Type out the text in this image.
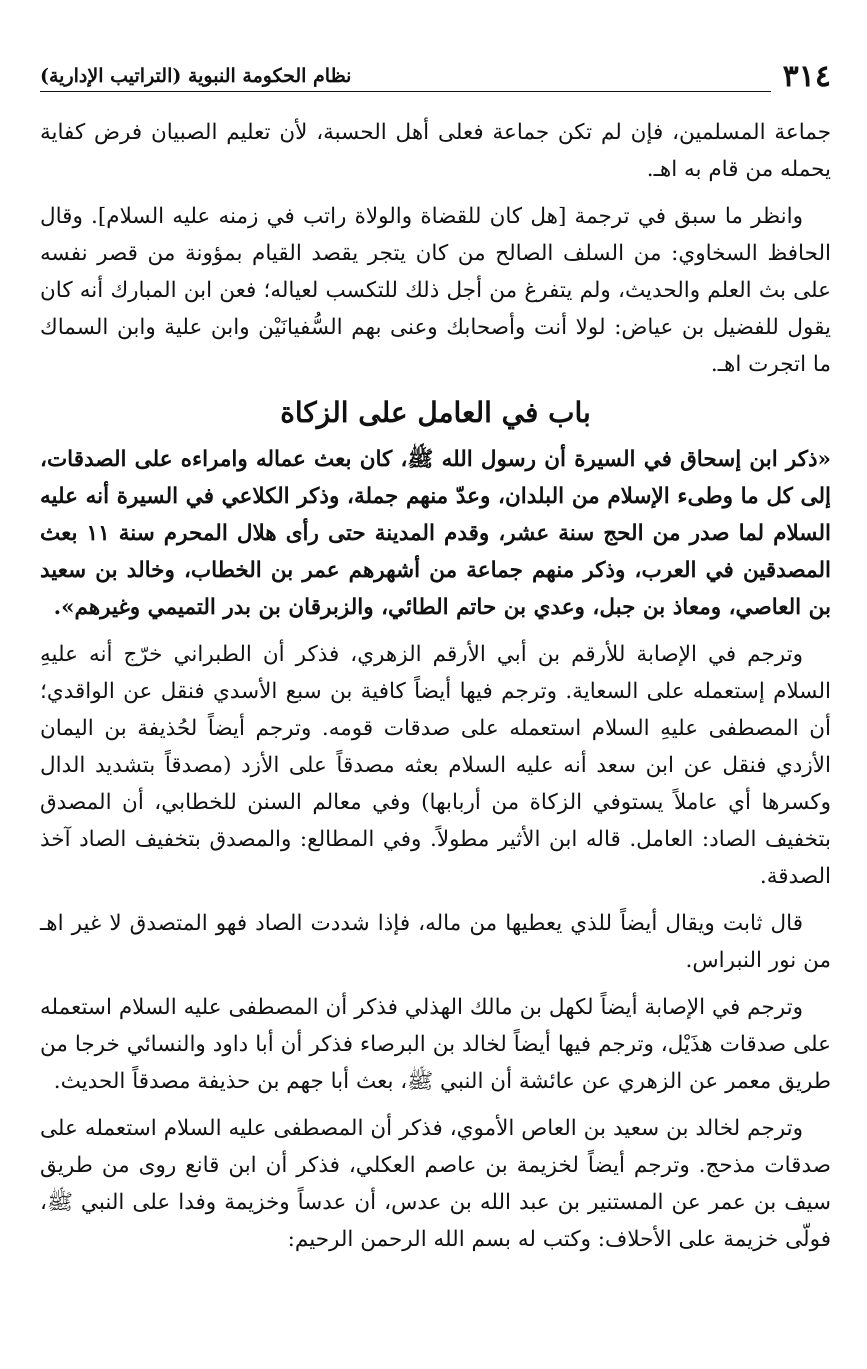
٣١٤
نظام الحكومة النبوية (التراتيب الإدارية)

جماعة المسلمين، فإن لم تكن جماعة فعلى أهل الحسبة، لأن تعليم الصبيان فرض كفاية يحمله من قام به اهـ.

وانظر ما سبق في ترجمة [هل كان للقضاة والولاة راتب في زمنه عليه السلام]. وقال الحافظ السخاوي: من السلف الصالح من كان يتجر يقصد القيام بمؤونة من قصر نفسه على بث العلم والحديث، ولم يتفرغ من أجل ذلك للتكسب لعياله؛ فعن ابن المبارك أنه كان يقول للفضيل بن عياض: لولا أنت وأصحابك وعنى بهم السُّفيانَيْن وابن علية وابن السماك ما اتجرت اهـ.

باب في العامل على الزكاة

«ذكر ابن إسحاق في السيرة أن رسول الله ﷺ، كان بعث عماله وامراءه على الصدقات، إلى كل ما وطىء الإسلام من البلدان، وعدّ منهم جملة، وذكر الكلاعي في السيرة أنه عليه السلام لما صدر من الحج سنة عشر، وقدم المدينة حتى رأى هلال المحرم سنة ١١ بعث المصدقين في العرب، وذكر منهم جماعة من أشهرهم عمر بن الخطاب، وخالد بن سعيد بن العاصي، ومعاذ بن جبل، وعدي بن حاتم الطائي، والزبرقان بن بدر التميمي وغيرهم».

وترجم في الإصابة للأرقم بن أبي الأرقم الزهري، فذكر أن الطبراني خرّج أنه عليهِ السلام إستعمله على السعاية. وترجم فيها أيضاً كافية بن سبع الأسدي فنقل عن الواقدي؛ أن المصطفى عليهِ السلام استعمله على صدقات قومه. وترجم أيضاً لحُذيفة بن اليمان الأزدي فنقل عن ابن سعد أنه عليه السلام بعثه مصدقاً على الأزد (مصدقاً بتشديد الدال وكسرها أي عاملاً يستوفي الزكاة من أربابها) وفي معالم السنن للخطابي، أن المصدق بتخفيف الصاد: العامل. قاله ابن الأثير مطولاً. وفي المطالع: والمصدق بتخفيف الصاد آخذ الصدقة.

قال ثابت ويقال أيضاً للذي يعطيها من ماله، فإذا شددت الصاد فهو المتصدق لا غير اهـ من نور النبراس.

وترجم في الإصابة أيضاً لكهل بن مالك الهذلي فذكر أن المصطفى عليه السلام استعمله على صدقات هذَيْل، وترجم فيها أيضاً لخالد بن البرصاء فذكر أن أبا داود والنسائي خرجا من طريق معمر عن الزهري عن عائشة أن النبي ﷺ، بعث أبا جهم بن حذيفة مصدقاً الحديث.

وترجم لخالد بن سعيد بن العاص الأموي، فذكر أن المصطفى عليه السلام استعمله على صدقات مذحج. وترجم أيضاً لخزيمة بن عاصم العكلي، فذكر أن ابن قانع روى من طريق سيف بن عمر عن المستنير بن عبد الله بن عدس، أن عدساً وخزيمة وفدا على النبي ﷺ، فولّى خزيمة على الأحلاف: وكتب له بسم الله الرحمن الرحيم:
